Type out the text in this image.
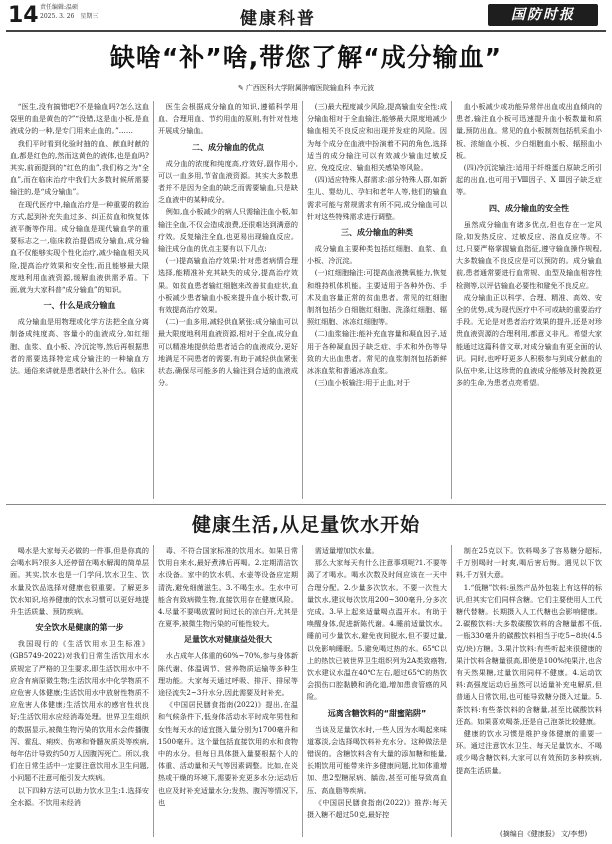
14 责任编辑:温硕
2025. 3. 26　星期三	健康科普	国防时报
缺啥“补”啥,带您了解“成分输血”
✎ 广西医科大学附属肿瘤医院输血科 李元波

“医生,没有搞错吧?不是输血吗?怎么这血袋里的血是黄色的?”“没错,这是血小板,是血液成分的一种,是专门用来止血的。”……

我们平时看到化验时抽的血、献血时献的血,都是红色的,然而这黄色的液体,也是血吗?其实,前面提到的“红色的血”,我们称之为“全血”,而在临床治疗中我们大多数时候所需要输注的,是“成分输血”。

在现代医疗中,输血治疗是一种重要的救治方式,起到补充失血过多、纠正贫血和恢复体液平衡等作用。成分输血是现代输血学的重要标志之一,临床救治提倡成分输血,成分输血不仅能够实现个性化治疗,减少输血相关风险,提高治疗效果和安全性,而且能够最大限度地利用血液资源,缓解血液供需矛盾。下面,就为大家科普“成分输血”的知识。

一、什么是成分输血

成分输血是用物理或化学方法把全血分离制备成纯度高、容量小的血液成分,如红细胞、血浆、血小板、冷沉淀等,然后再根据患者的需要选择特定成分输注的一种输血方法。通俗来讲就是患者缺什么补什么。临床

医生会根据成分输血的知识,遵循科学用血、合理用血、节约用血的原则,有针对性地开展成分输血。

二、成分输血的优点

成分血的浓度和纯度高,疗效好,副作用小,可以一血多用,节省血液资源。其实大多数患者并不是因为全血的缺乏而需要输血,只是缺乏血液中的某种成分。

例如,血小板减少的病人只需输注血小板,如输注全血,不仅会造成浪费,还很难达到满意的疗效。反复输注全血,也更易出现输血反应。输注成分血的优点主要有以下几点:

(一)提高输血治疗效果:针对患者病情合理选择,能精准补充其缺失的成分,提高治疗效果。如贫血患者输红细胞来改善贫血症状,血小板减少患者输血小板来提升血小板计数,可有效提高治疗效果。

(二)一血多用,减轻供血紧张:成分输血可以最大限度地利用血液资源,相对于全血,成分血可以精准地提供给患者适合的血液成分,更好地满足不同患者的需要,有助于减轻供血紧张状态,确保尽可能多的人输注到合适的血液成分。

(三)最大程度减少风险,提高输血安全性:成分输血相对于全血输注,能够最大限度地减少输血相关不良反应和出现并发症的风险。因为每个成分在血液中扮演着不同的角色,选择适当的成分输注可以有效减少输血过敏反应、免疫反应、输血相关感染等风险。

(四)适应特殊人群需求:部分特殊人群,如新生儿、婴幼儿、孕妇和老年人等,他们的输血需求可能与常规需求有所不同,成分输血可以针对这些特殊需求进行调整。

三、成分输血的种类

成分输血主要种类包括红细胞、血浆、血小板、冷沉淀。

(一)红细胞输注:可提高血液携氧能力,恢复和维持机体机能。主要适用于各种外伤、手术及血容量正常的贫血患者。常见的红细胞制剂包括少白细胞红细胞、洗涤红细胞、辐照红细胞、冰冻红细胞等。

(二)血浆输注:能补充血容量和凝血因子,适用于各种凝血因子缺乏症、手术和外伤等导致的大出血患者。常见的血浆制剂包括新鲜冰冻血浆和普通冰冻血浆。

(三)血小板输注:用于止血,对于

血小板减少或功能异常伴出血或出血倾向的患者,输注血小板可迅速提升血小板数量和质量,预防出血。常见的血小板制剂包括机采血小板、浓缩血小板、少白细胞血小板、辐照血小板。

(四)冷沉淀输注:适用于纤维蛋白原缺乏所引起的出血,也可用于Ⅷ因子、Ⅹ Ⅲ因子缺乏症等。

四、成分输血的安全性

虽然成分输血有诸多优点,但也存在一定风险,如发热反应、过敏反应、溶血反应等。不过,只要严格掌握输血指征,遵守输血操作规程,大多数输血不良反应是可以预防的。成分输血前,患者通常要进行血常规、血型及输血相容性检测等,以评估输血必要性和避免不良反应。

成分输血正以科学、合理、精准、高效、安全的优势,成为现代医疗中不可或缺的重要治疗手段。无论是对患者治疗效果的提升,还是对珍贵血液资源的合理利用,都意义非凡。希望大家能通过这篇科普文章,对成分输血有更全面的认识。同时,也呼吁更多人积极参与到成分献血的队伍中来,让这珍贵的血液成分能够及时挽救更多的生命,为患者点亮希望。

健康生活,从足量饮水开始

喝水是大家每天必做的一件事,但是你真的会喝水吗?很多人还停留在喝水解渴的简单层面。其实,饮水也是一门学问,饮水卫生、饮水量及饮品选择对健康也很重要。了解更多饮水知识,培养健康的饮水习惯可以更好地提升生活质量、预防疾病。

安全饮水是健康的第一步

我国现行的《生活饮用水卫生标准》(GB5749-2022)对我们日常生活饮用水水质规定了严格的卫生要求,即生活饮用水中不应含有病原微生物;生活饮用水中化学物质不应危害人体健康;生活饮用水中放射性物质不应危害人体健康;生活饮用水的感官性状良好;生活饮用水应经消毒处理。世界卫生组织的数据显示,被微生物污染的饮用水会传播腹泻、霍乱、痢疾、伤寒和脊髓灰质炎等疾病,每年估计导致约50万人因腹泻死亡。所以,我们在日常生活中一定要注意饮用水卫生问题,小问题不注意可能引发大疾病。

以下四种方法可以助力饮水卫生:1.选择安全水源。不饮用未经消

毒、不符合国家标准的饮用水。如果日常饮用自来水,最好煮沸后再喝。2.定期清洁饮水设备。家中的饮水机、水壶等设备应定期清洗,避免细菌滋生。3.不喝生水。生水中可能含有致病微生物,直接饮用存在健康风险。4.尽量不要喝放置时间过长的凉白开,尤其是在夏季,被微生物污染的可能性较大。

足量饮水对健康益处很大

水占成年人体重的60%~70%,参与身体新陈代谢、体温调节、营养物质运输等多种生理功能。大家每天通过呼吸、排汗、排尿等途径流失2~3升水分,因此需要及时补充。

《中国居民膳食指南(2022)》提出,在温和气候条件下,低身体活动水平时成年男性和女性每天水的适宜摄入量分别为1700毫升和1500毫升。这个量包括直接饮用的水和食物中的水分。但每日具体摄入量要根据个人的体重、活动量和天气等因素调整。比如,在炎热或干燥的环境下,需要补充更多水分;运动后也应及时补充适量水分;发热、腹泻等情况下,也

需适量增加饮水量。

那么大家每天有什么注意事项呢?1.不要等渴了才喝水。喝水次数及时间应该在一天中合理分配。2.少量多次饮水。不要一次性大量饮水,建议每次饮用200~300毫升,分多次完成。3.早上起来适量喝点温开水。有助于唤醒身体,促进新陈代谢。4.睡前适量饮水。睡前可少量饮水,避免夜间脱水,但不要过量,以免影响睡眠。5.避免喝过热的水。65℃以上的热饮已被世界卫生组织列为2A类致癌物,饮水建议水温在40℃左右,超过65℃的热饮会损伤口腔黏膜和消化道,增加患食管癌的风险。

远离含糖饮料的“甜蜜陷阱”

当谈及足量饮水时,一些人因为水喝起来味道寡淡,会选择喝饮料补充水分。这种做法是错误的。含糖饮料含有大量的添加糖和能量,长期饮用可能带来许多健康问题,比如体重增加、患2型糖尿病、龋齿,甚至可能导致高血压、高血脂等疾病。

《中国居民膳食指南(2022)》推荐:每天摄入糖不超过50克,最好控

制在25克以下。饮料喝多了容易糖分超标,千万别喝时一时爽,喝后害后悔。遇见以下饮料,千万别大意。

1.“低糖”饮料:虽然产品外包装上有这样的标识,但其实它们同样含糖。它们主要使用人工代糖代替糖。长期摄入人工代糖也会影响健康。2.碳酸饮料:大多数碳酸饮料的含糖量都不低,一瓶330毫升的碳酸饮料相当于吃5~8块(4.5克/块)方糖。3.果汁饮料:有些听起来很健康的果汁饮料含糖量很高,即使是100%纯果汁,也含有天然果糖,过量饮用同样不健康。4.运动饮料:高强度运动后虽然可以适量补充电解质,但普通人日常饮用,也可能导致糖分摄入过量。5.茶饮料:有些茶饮料的含糖量,甚至比碳酸饮料还高。如果喜欢喝茶,还是自己泡茶比较健康。

健康的饮水习惯是维护身体健康的重要一环。通过注意饮水卫生、每天足量饮水、不喝或少喝含糖饮料,大家可以有效预防多种疾病,提高生活质量。

(摘编自《健康报》 文/李想)
